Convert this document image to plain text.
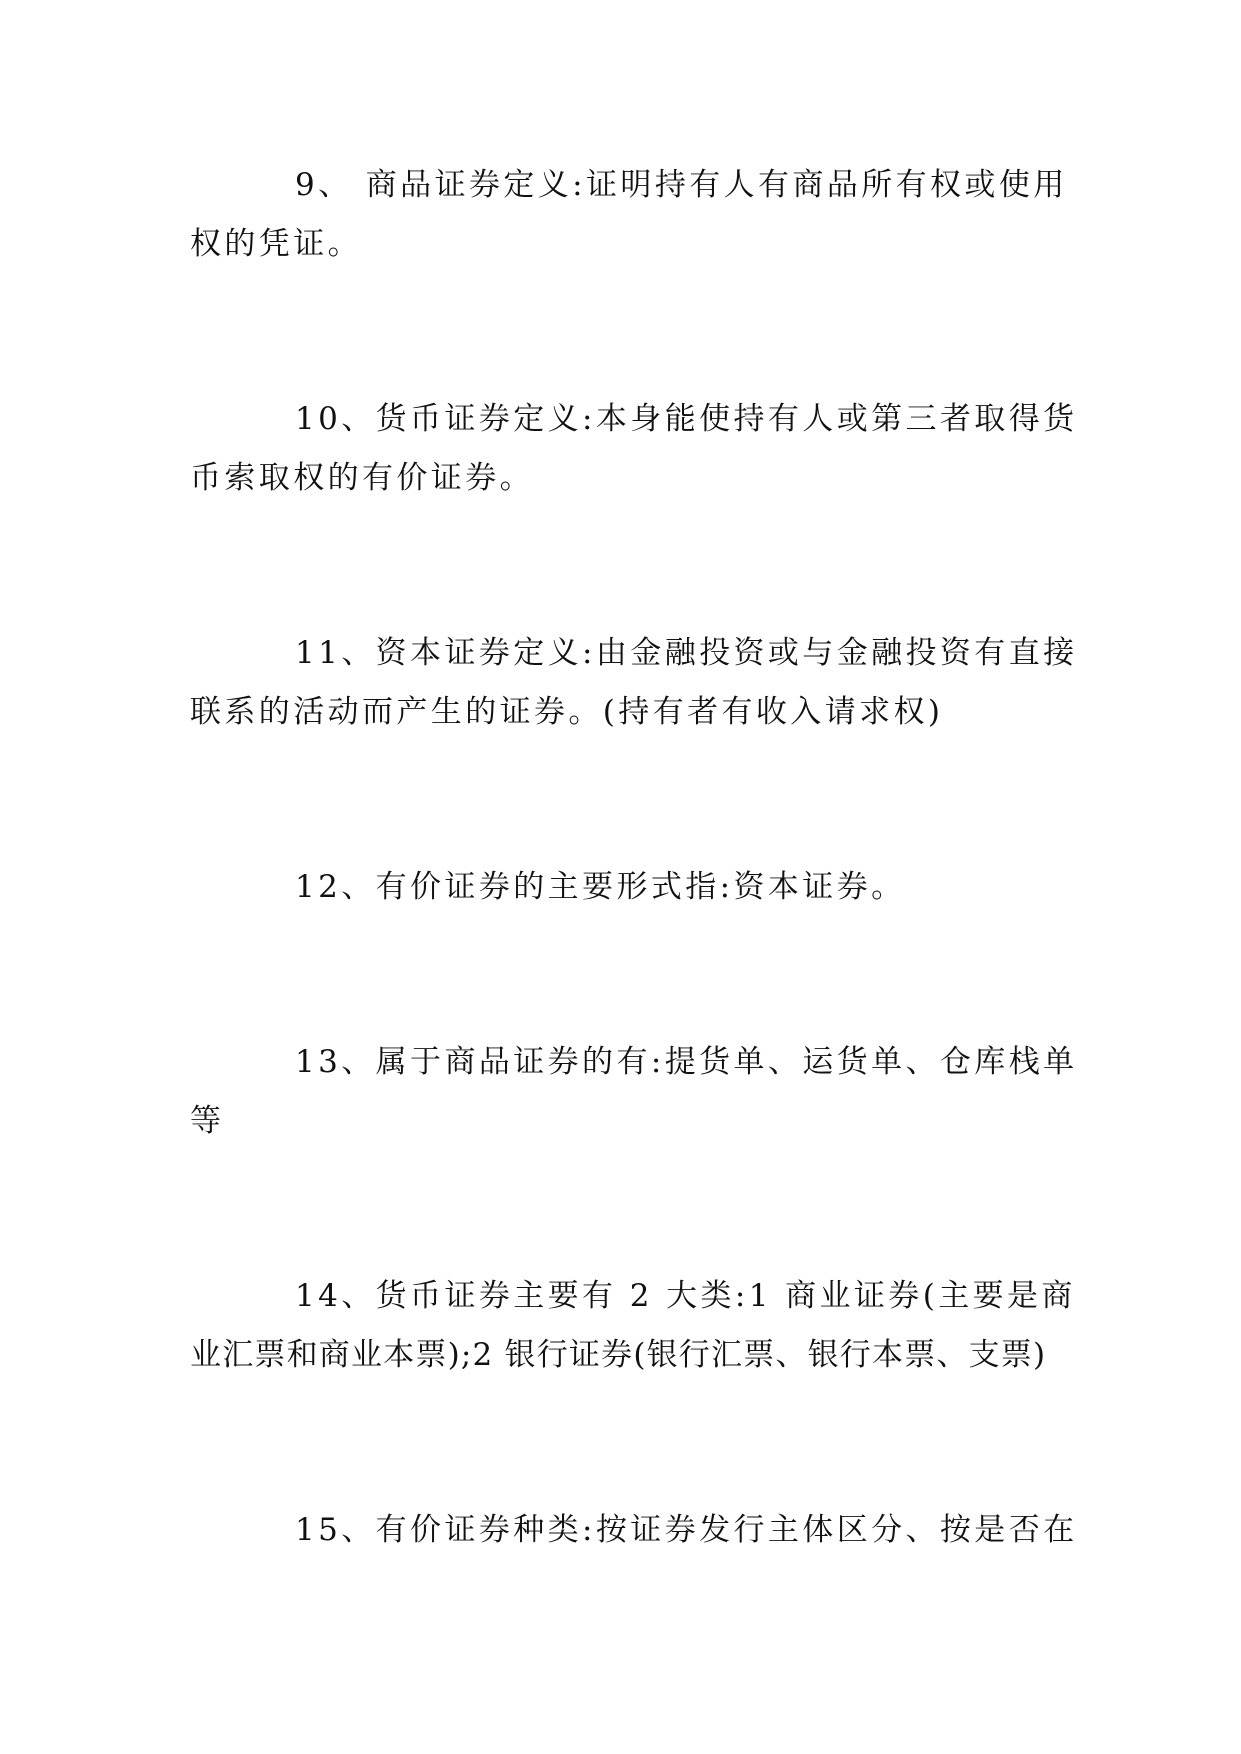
9、 商品证券定义:证明持有人有商品所有权或使用
权的凭证。
10、货币证券定义:本身能使持有人或第三者取得货
币索取权的有价证券。
11、资本证券定义:由金融投资或与金融投资有直接
联系的活动而产生的证券。(持有者有收入请求权)
12、有价证券的主要形式指:资本证券。
13、属于商品证券的有:提货单、运货单、仓库栈单
等
14、货币证券主要有 2 大类:1 商业证券(主要是商
业汇票和商业本票);2 银行证券(银行汇票、银行本票、支票)
15、有价证券种类:按证券发行主体区分、按是否在
